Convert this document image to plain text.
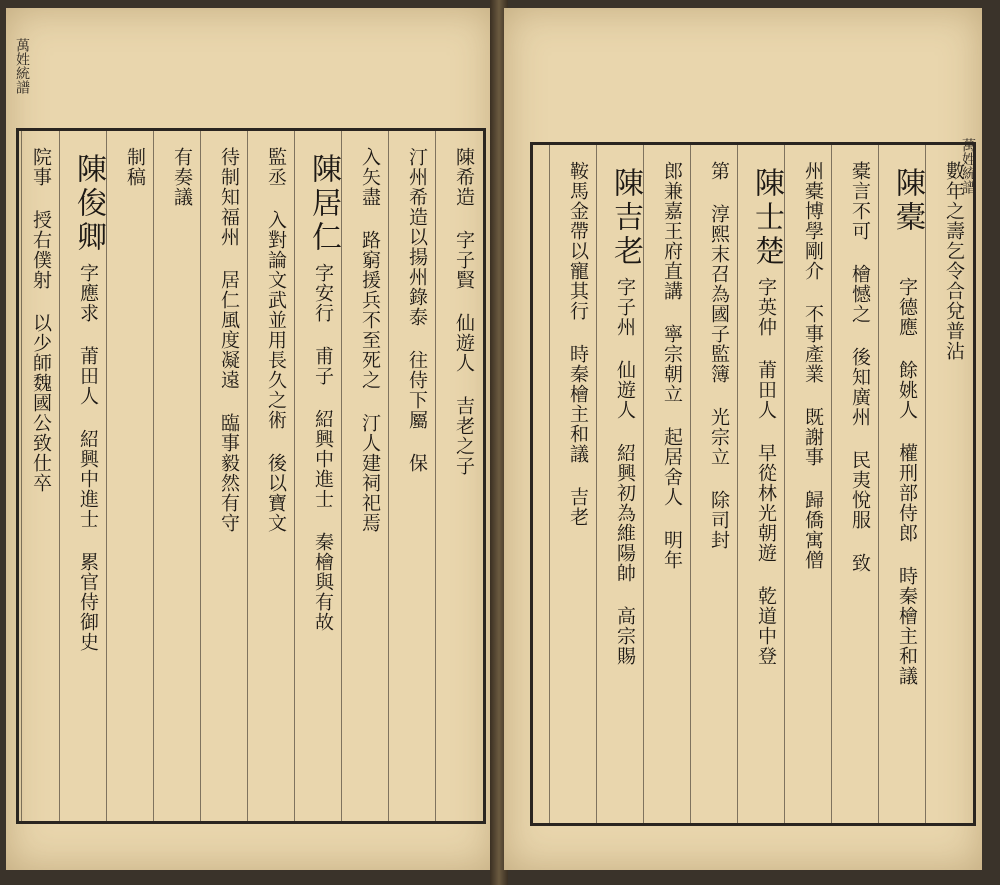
萬姓統譜
陳希造 字子賢 仙遊人 吉老之子
汀州希造以揚州錄泰 往侍下屬 保
入矢盡 路窮援兵不至死之 汀人建祠祀焉
陳居仁
字安行 甫子 紹興中進士 秦檜與有故
監丞 入對論文武並用長久之術 後以寶文
待制知福州 居仁風度凝遠 臨事毅然有守
有奏議
制稿
陳俊卿
字應求 莆田人 紹興中進士 累官侍御史
院事 授右僕射 以少師魏國公致仕卒	萬姓統譜
數年之壽乞令合兌普沾
陳橐
字德應 餘姚人 權刑部侍郎 時秦檜主和議
橐言不可 檜憾之 後知廣州 民夷悅服 致
州橐博學剛介 不事產業 既謝事 歸僑寓僧
陳士楚
字英仲 莆田人 早從林光朝遊 乾道中登
第 淳熙末召為國子監簿 光宗立 除司封
郎兼嘉王府直講 寧宗朝立 起居舍人 明年
陳吉老
字子州 仙遊人 紹興初為維陽帥 高宗賜
鞍馬金帶以寵其行 時秦檜主和議 吉老
